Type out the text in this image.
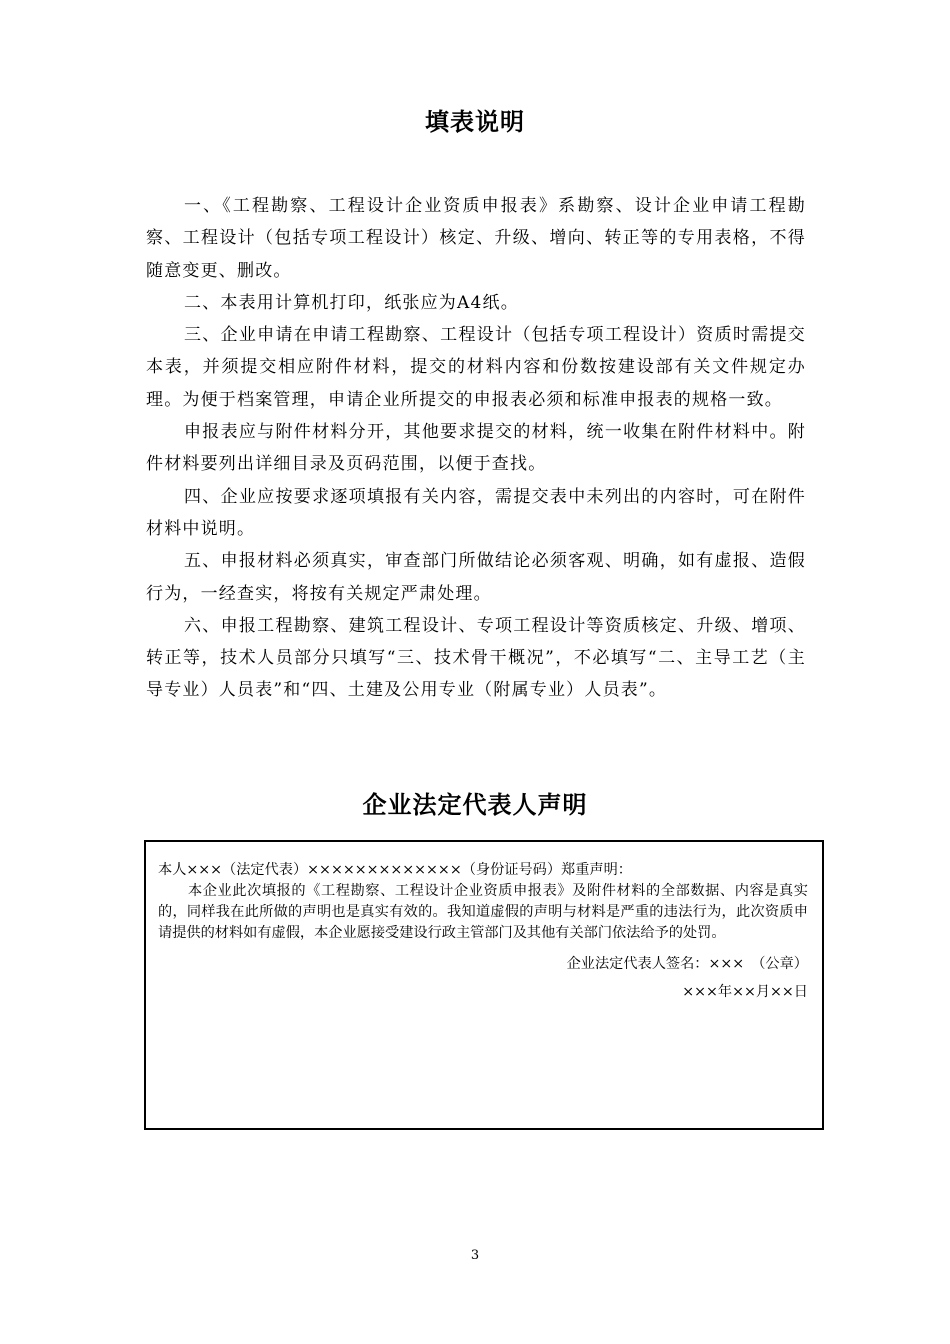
填表说明

一、《工程勘察、工程设计企业资质申报表》系勘察、设计企业申请工程勘察、工程设计（包括专项工程设计）核定、升级、增向、转正等的专用表格，不得随意变更、删改。

二、本表用计算机打印，纸张应为A4纸。

三、企业申请在申请工程勘察、工程设计（包括专项工程设计）资质时需提交本表，并须提交相应附件材料，提交的材料内容和份数按建设部有关文件规定办理。为便于档案管理，申请企业所提交的申报表必须和标准申报表的规格一致。

申报表应与附件材料分开，其他要求提交的材料，统一收集在附件材料中。附件材料要列出详细目录及页码范围，以便于查找。

四、企业应按要求逐项填报有关内容，需提交表中未列出的内容时，可在附件材料中说明。

五、申报材料必须真实，审查部门所做结论必须客观、明确，如有虚报、造假行为，一经查实，将按有关规定严肃处理。

六、申报工程勘察、建筑工程设计、专项工程设计等资质核定、升级、增项、转正等，技术人员部分只填写“三、技术骨干概况”，不必填写“二、主导工艺（主导专业）人员表”和“四、土建及公用专业（附属专业）人员表”。

企业法定代表人声明

本人×××（法定代表）×××××××××××××（身份证号码）郑重声明：

本企业此次填报的《工程勘察、工程设计企业资质申报表》及附件材料的全部数据、内容是真实的，同样我在此所做的声明也是真实有效的。我知道虚假的声明与材料是严重的违法行为，此次资质申请提供的材料如有虚假，本企业愿接受建设行政主管部门及其他有关部门依法给予的处罚。

企业法定代表人签名：×××　（公章）

×××年××月××日

3
